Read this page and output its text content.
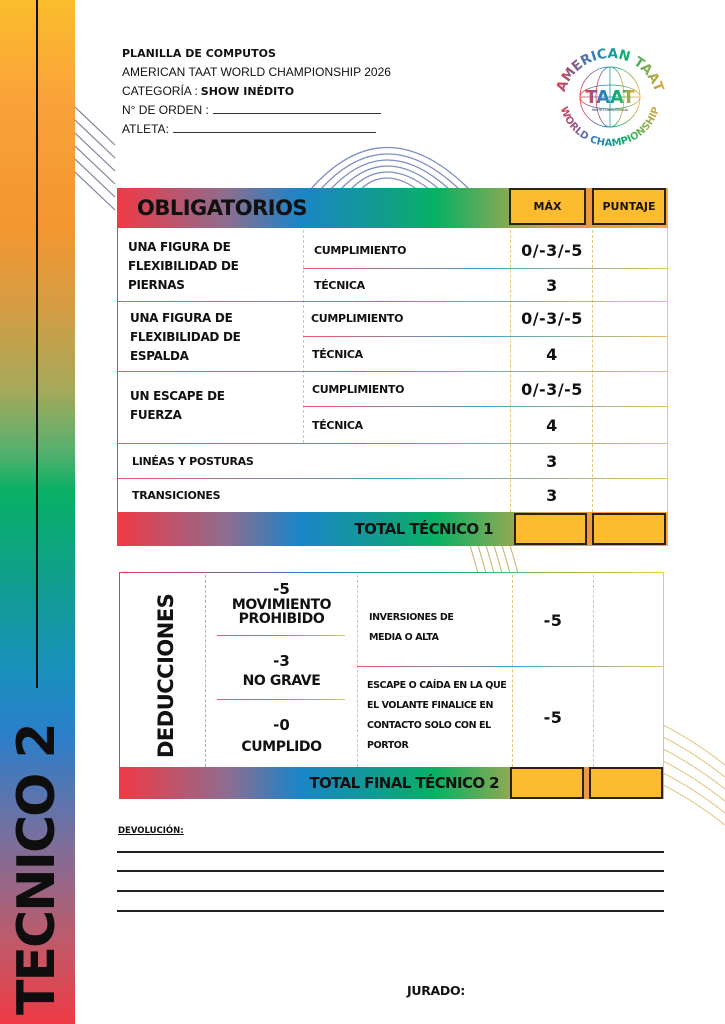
TECNICO 2
PLANILLA DE COMPUTOS
AMERICAN TAAT WORLD CHAMPIONSHIP 2026
CATEGORÍA : SHOW INÉDITO
N° DE ORDEN :
ATLETA:
AMERICAN TAAT
WORLD CHAMPIONSHIP
TAAT
World Championship
OBLIGATORIOS	MÁX	PUNTAJE
UNA FIGURA DE FLEXIBILIDAD DE PIERNAS
CUMPLIMIENTO	0/-3/-5
TÉCNICA	3
UNA FIGURA DE FLEXIBILIDAD DE ESPALDA
CUMPLIMIENTO	0/-3/-5
TÉCNICA	4
UN ESCAPE DE FUERZA
CUMPLIMIENTO	0/-3/-5
TÉCNICA	4
LINÉAS Y POSTURAS	3
TRANSICIONES	3
TOTAL TÉCNICO 1
DEDUCCIONES
-5
MOVIMIENTO PROHIBIDO
-3
NO GRAVE
-0
CUMPLIDO
INVERSIONES DE MEDIA O ALTA
-5
ESCAPE O CAÍDA EN LA QUE EL VOLANTE FINALICE EN CONTACTO SOLO CON EL PORTOR
-5
TOTAL FINAL TÉCNICO 2
DEVOLUCIÓN:
JURADO:
